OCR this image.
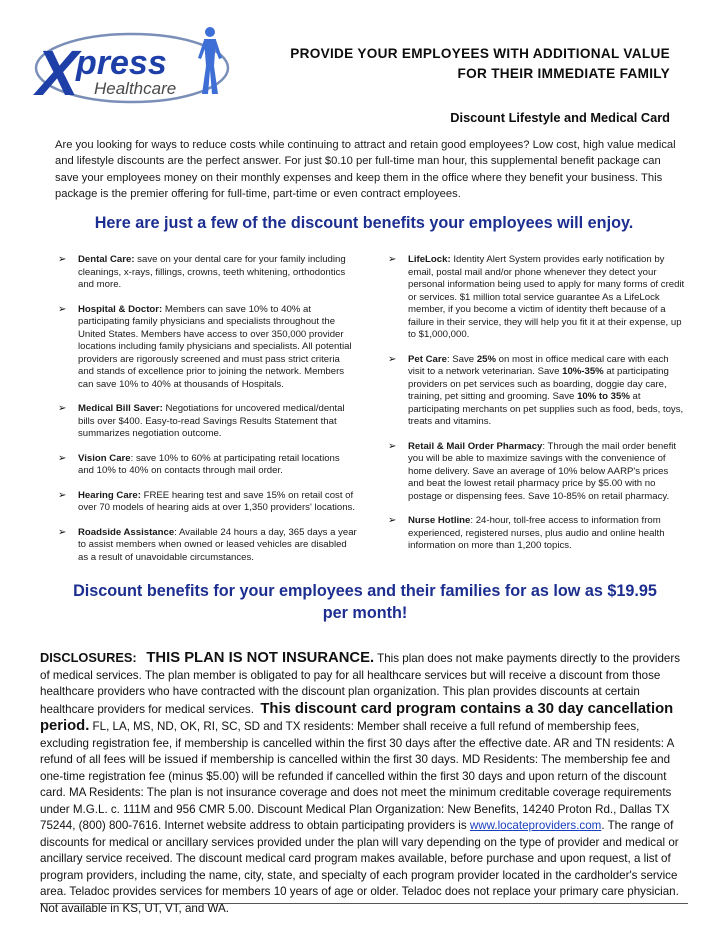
X
press
Healthcare
PROVIDE YOUR EMPLOYEES WITH ADDITIONAL VALUE
FOR THEIR IMMEDIATE FAMILY
Discount Lifestyle and Medical Card
Are you looking for ways to reduce costs while continuing to attract and retain good employees? Low cost, high value medical and lifestyle discounts are the perfect answer. For just $0.10 per full-time man hour, this supplemental benefit package can save your employees money on their monthly expenses and keep them in the office where they benefit your business. This package is the premier offering for full-time, part-time or even contract employees.
Here are just a few of the discount benefits your employees will enjoy.
➢ Dental Care: save on your dental care for your family including cleanings, x-rays, fillings, crowns, teeth whitening, orthodontics and more.
➢ Hospital & Doctor: Members can save 10% to 40% at participating family physicians and specialists throughout the United States. Members have access to over 350,000 provider locations including family physicians and specialists. All potential providers are rigorously screened and must pass strict criteria and stands of excellence prior to joining the network. Members can save 10% to 40% at thousands of Hospitals.
➢ Medical Bill Saver: Negotiations for uncovered medical/dental bills over $400. Easy-to-read Savings Results Statement that summarizes negotiation outcome.
➢ Vision Care: save 10% to 60% at participating retail locations and 10% to 40% on contacts through mail order.
➢ Hearing Care: FREE hearing test and save 15% on retail cost of over 70 models of hearing aids at over 1,350 providers' locations.
➢ Roadside Assistance: Available 24 hours a day, 365 days a year to assist members when owned or leased vehicles are disabled as a result of unavoidable circumstances.
➢ LifeLock: Identity Alert System provides early notification by email, postal mail and/or phone whenever they detect your personal information being used to apply for many forms of credit or services. $1 million total service guarantee As a LifeLock member, if you become a victim of identity theft because of a failure in their service, they will help you fit it at their expense, up to $1,000,000.
➢ Pet Care: Save 25% on most in office medical care with each visit to a network veterinarian. Save 10%-35% at participating providers on pet services such as boarding, doggie day care, training, pet sitting and grooming. Save 10% to 35% at participating merchants on pet supplies such as food, beds, toys, treats and vitamins.
➢ Retail & Mail Order Pharmacy: Through the mail order benefit you will be able to maximize savings with the convenience of home delivery. Save an average of 10% below AARP's prices and beat the lowest retail pharmacy price by $5.00 with no postage or dispensing fees. Save 10-85% on retail pharmacy.
➢ Nurse Hotline: 24-hour, toll-free access to information from experienced, registered nurses, plus audio and online health information on more than 1,200 topics.
Discount benefits for your employees and their families for as low as $19.95 per month!
DISCLOSURES: THIS PLAN IS NOT INSURANCE. This plan does not make payments directly to the providers of medical services. The plan member is obligated to pay for all healthcare services but will receive a discount from those healthcare providers who have contracted with the discount plan organization. This plan provides discounts at certain healthcare providers for medical services. This discount card program contains a 30 day cancellation period. FL, LA, MS, ND, OK, RI, SC, SD and TX residents: Member shall receive a full refund of membership fees, excluding registration fee, if membership is cancelled within the first 30 days after the effective date. AR and TN residents: A refund of all fees will be issued if membership is cancelled within the first 30 days. MD Residents: The membership fee and one-time registration fee (minus $5.00) will be refunded if cancelled within the first 30 days and upon return of the discount card. MA Residents: The plan is not insurance coverage and does not meet the minimum creditable coverage requirements under M.G.L. c. 111M and 956 CMR 5.00. Discount Medical Plan Organization: New Benefits, 14240 Proton Rd., Dallas TX 75244, (800) 800-7616. Internet website address to obtain participating providers is www.locateproviders.com. The range of discounts for medical or ancillary services provided under the plan will vary depending on the type of provider and medical or ancillary service received. The discount medical card program makes available, before purchase and upon request, a list of program providers, including the name, city, state, and specialty of each program provider located in the cardholder's service area. Teladoc provides services for members 10 years of age or older. Teladoc does not replace your primary care physician. Not available in KS, UT, VT, and WA.
